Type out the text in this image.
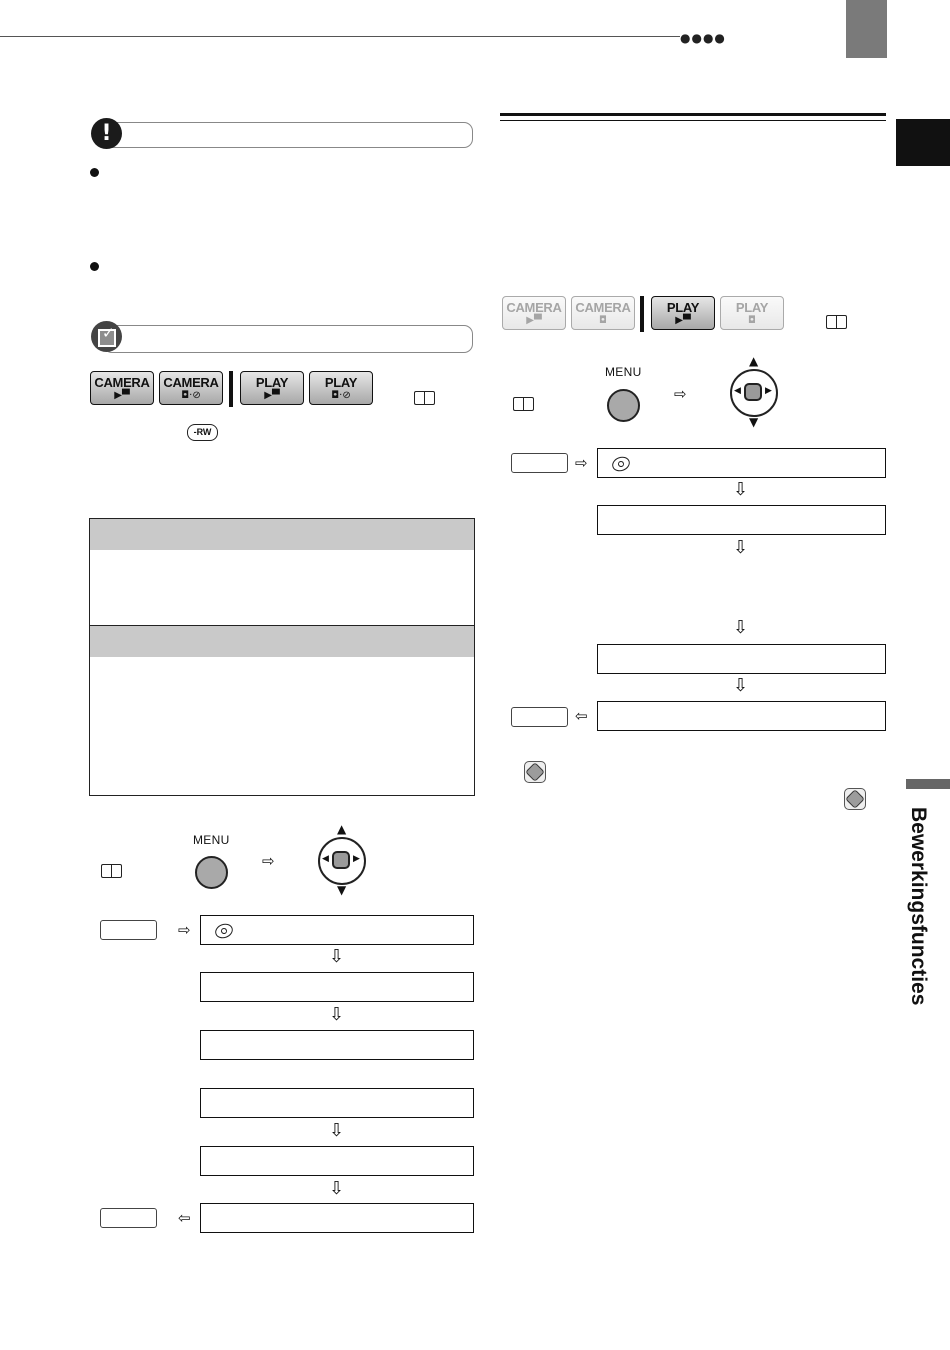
●●●●
Bewerkingsfuncties
!
✓
CAMERA
▶▀
CAMERA
◘·⊘
PLAY
▶▀
PLAY
◘·⊘
-RW
MENU
⇨
▲
▼
◀	▶
⇨
⇩
⇩
⇩
⇩
⇦
CAMERA
▶▀
CAMERA
◘
PLAY
▶▀
PLAY
◘
MENU
⇨
▲
▼
◀	▶
⇨
⇩
⇩
⇩
⇩
⇦
